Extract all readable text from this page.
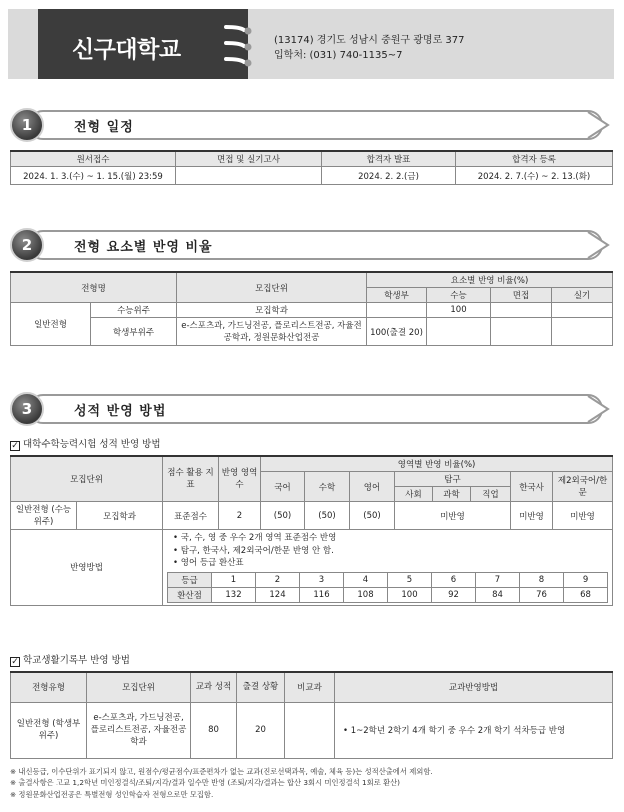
신구대학교	(13174) 경기도 성남시 중원구 광명로 377
입학처: (031) 740-1135~7
1	전형 일정
원서접수	면접 및 실기고사	합격자 발표	합격자 등록
2024. 1. 3.(수) ~ 1. 15.(월) 23:59		2024. 2. 2.(금)	2024. 2. 7.(수) ~ 2. 13.(화)
2	전형 요소별 반영 비율
전형명		모집단위	요소별 반영 비율(%)			
			학생부	수능	면접	실기
일반전형	수능위주	모집학과		100		
	학생부위주	e-스포츠과, 가드닝전공, 플로리스트전공, 자율전공학과, 정원문화산업전공	100(출결 20)			
3	성적 반영 방법
✓ 대학수학능력시험 성적 반영 방법
모집단위	점수 활용 지표	반영 영역수	영역별 반영 비율(%)
국어	수학	영어	탐구	한국사	제2외국어/한문
사회	과학	직업
일반전형 (수능위주)	모집학과	표준점수	2	(50)	(50)	(50)	미반영	미반영	미반영
반영방법	
• 국, 수, 영 중 우수 2개 영역 표준점수 반영
• 탐구, 한국사, 제2외국어/한문 반영 안 함.
• 영어 등급 환산표
등급	1	2	3	4	5	6	7	8	9
환산점	132	124	116	108	100	92	84	76	68
✓ 학교생활기록부 반영 방법
전형유형	모집단위	교과 성적	출결 상황	비교과	교과반영방법
일반전형 (학생부위주)	e-스포츠과, 가드닝전공, 플로리스트전공, 자율전공학과	80	20		• 1~2학년 2학기 4개 학기 중 우수 2개 학기 석차등급 반영
※ 내신등급, 이수단위가 표기되지 않고, 원점수/평균점수/표준편차가 없는 교과(진로선택과목, 예술, 체육 등)는 성적산출에서 제외함.
※ 출결사항은 고교 1,2학년 미인정결석/조퇴/지각/결과 일수만 반영 (조퇴/지각/결과는 합산 3회시 미인정결석 1회로 환산)
※ 정원문화산업전공은 특별전형 성인학습자 전형으로만 모집함.
